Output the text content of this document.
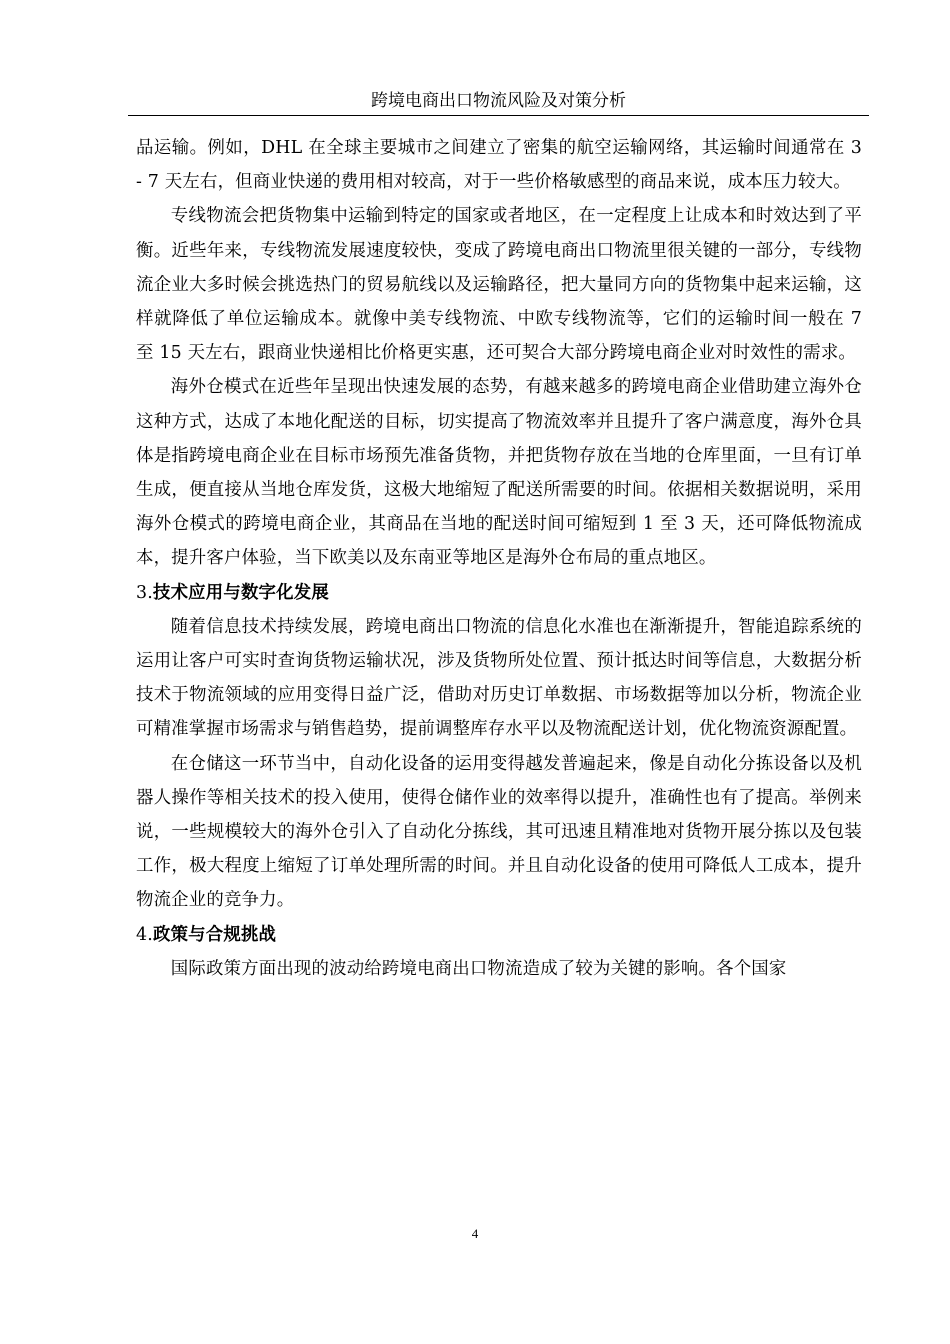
跨境电商出口物流风险及对策分析

品运输。例如，DHL 在全球主要城市之间建立了密集的航空运输网络，其运输时间通常在 3 - 7 天左右，但商业快递的费用相对较高，对于一些价格敏感型的商品来说，成本压力较大。

专线物流会把货物集中运输到特定的国家或者地区，在一定程度上让成本和时效达到了平衡。近些年来，专线物流发展速度较快，变成了跨境电商出口物流里很关键的一部分，专线物流企业大多时候会挑选热门的贸易航线以及运输路径，把大量同方向的货物集中起来运输，这样就降低了单位运输成本。就像中美专线物流、中欧专线物流等，它们的运输时间一般在 7 至 15 天左右，跟商业快递相比价格更实惠，还可契合大部分跨境电商企业对时效性的需求。

海外仓模式在近些年呈现出快速发展的态势，有越来越多的跨境电商企业借助建立海外仓这种方式，达成了本地化配送的目标，切实提高了物流效率并且提升了客户满意度，海外仓具体是指跨境电商企业在目标市场预先准备货物，并把货物存放在当地的仓库里面，一旦有订单生成，便直接从当地仓库发货，这极大地缩短了配送所需要的时间。依据相关数据说明，采用海外仓模式的跨境电商企业，其商品在当地的配送时间可缩短到 1 至 3 天，还可降低物流成本，提升客户体验，当下欧美以及东南亚等地区是海外仓布局的重点地区。

3.技术应用与数字化发展

随着信息技术持续发展，跨境电商出口物流的信息化水准也在渐渐提升，智能追踪系统的运用让客户可实时查询货物运输状况，涉及货物所处位置、预计抵达时间等信息，大数据分析技术于物流领域的应用变得日益广泛，借助对历史订单数据、市场数据等加以分析，物流企业可精准掌握市场需求与销售趋势，提前调整库存水平以及物流配送计划，优化物流资源配置。

在仓储这一环节当中，自动化设备的运用变得越发普遍起来，像是自动化分拣设备以及机器人操作等相关技术的投入使用，使得仓储作业的效率得以提升，准确性也有了提高。举例来说，一些规模较大的海外仓引入了自动化分拣线，其可迅速且精准地对货物开展分拣以及包装工作，极大程度上缩短了订单处理所需的时间。并且自动化设备的使用可降低人工成本，提升物流企业的竞争力。

4.政策与合规挑战

国际政策方面出现的波动给跨境电商出口物流造成了较为关键的影响。各个国家

4
